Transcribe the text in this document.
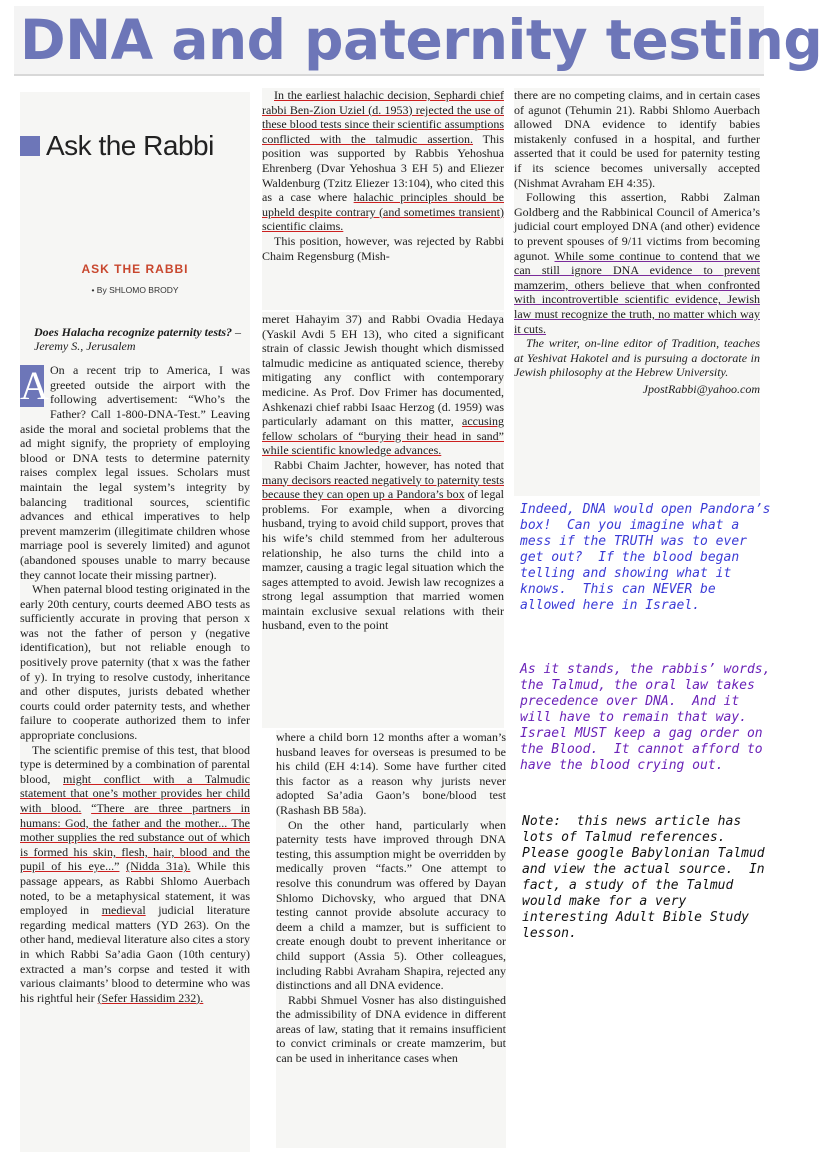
DNA and paternity testing
Ask the Rabbi
ASK THE RABBI
• By SHLOMO BRODY
Does Halacha recognize paternity tests? – Jeremy S., Jerusalem

A On a recent trip to America, I was greeted outside the airport with the following advertisement: “Who’s the Father? Call 1-800-DNA-Test.” Leaving aside the moral and societal problems that the ad might signify, the propriety of employing blood or DNA tests to determine paternity raises complex legal issues. Scholars must maintain the legal system’s integrity by balancing traditional sources, scientific advances and ethical imperatives to help prevent mamzerim (illegitimate children whose marriage pool is severely limited) and agunot (abandoned spouses unable to marry because they cannot locate their missing partner).

When paternal blood testing originated in the early 20th century, courts deemed ABO tests as sufficiently accurate in proving that person x was not the father of person y (negative identification), but not reliable enough to positively prove paternity (that x was the father of y). In trying to resolve custody, inheritance and other disputes, jurists debated whether courts could order paternity tests, and whether failure to cooperate authorized them to infer appropriate conclusions.

The scientific premise of this test, that blood type is determined by a combination of parental blood, might conflict with a Talmudic statement that one’s mother provides her child with blood. “There are three partners in humans: God, the father and the mother... The mother supplies the red substance out of which is formed his skin, flesh, hair, blood and the pupil of his eye...” (Nidda 31a). While this passage appears, as Rabbi Shlomo Auerbach noted, to be a metaphysical statement, it was employed in medieval judicial literature regarding medical matters (YD 263). On the other hand, medieval literature also cites a story in which Rabbi Sa’adia Gaon (10th century) extracted a man’s corpse and tested it with various claimants’ blood to determine who was his rightful heir (Sefer Hassidim 232).

In the earliest halachic decision, Sephardi chief rabbi Ben-Zion Uziel (d. 1953) rejected the use of these blood tests since their scientific assumptions conflicted with the talmudic assertion. This position was supported by Rabbis Yehoshua Ehrenberg (Dvar Yehoshua 3 EH 5) and Eliezer Waldenburg (Tzitz Eliezer 13:104), who cited this as a case where halachic principles should be upheld despite contrary (and sometimes transient) scientific claims.

This position, however, was rejected by Rabbi Chaim Regensburg (Mish-

meret Hahayim 37) and Rabbi Ovadia Hedaya (Yaskil Avdi 5 EH 13), who cited a significant strain of classic Jewish thought which dismissed talmudic medicine as antiquated science, thereby mitigating any conflict with contemporary medicine. As Prof. Dov Frimer has documented, Ashkenazi chief rabbi Isaac Herzog (d. 1959) was particularly adamant on this matter, accusing fellow scholars of “burying their head in sand” while scientific knowledge advances.

Rabbi Chaim Jachter, however, has noted that many decisors reacted negatively to paternity tests because they can open up a Pandora’s box of legal problems. For example, when a divorcing husband, trying to avoid child support, proves that his wife’s child stemmed from her adulterous relationship, he also turns the child into a mamzer, causing a tragic legal situation which the sages attempted to avoid. Jewish law recognizes a strong legal assumption that married women maintain exclusive sexual relations with their husband, even to the point

where a child born 12 months after a woman’s husband leaves for overseas is presumed to be his child (EH 4:14). Some have further cited this factor as a reason why jurists never adopted Sa’adia Gaon’s bone/blood test (Rashash BB 58a).

On the other hand, particularly when paternity tests have improved through DNA testing, this assumption might be overridden by medically proven “facts.” One attempt to resolve this conundrum was offered by Dayan Shlomo Dichovsky, who argued that DNA testing cannot provide absolute accuracy to deem a child a mamzer, but is sufficient to create enough doubt to prevent inheritance or child support (Assia 5). Other colleagues, including Rabbi Avraham Shapira, rejected any distinctions and all DNA evidence.

Rabbi Shmuel Vosner has also distinguished the admissibility of DNA evidence in different areas of law, stating that it remains insufficient to convict criminals or create mamzerim, but can be used in inheritance cases when

there are no competing claims, and in certain cases of agunot (Tehumin 21). Rabbi Shlomo Auerbach allowed DNA evidence to identify babies mistakenly confused in a hospital, and further asserted that it could be used for paternity testing if its science becomes universally accepted (Nishmat Avraham EH 4:35).

Following this assertion, Rabbi Zalman Goldberg and the Rabbinical Council of America’s judicial court employed DNA (and other) evidence to prevent spouses of 9/11 victims from becoming agunot. While some continue to contend that we can still ignore DNA evidence to prevent mamzerim, others believe that when confronted with incontrovertible scientific evidence, Jewish law must recognize the truth, no matter which way it cuts.

The writer, on-line editor of Tradition, teaches at Yeshivat Hakotel and is pursuing a doctorate in Jewish philosophy at the Hebrew University.

JpostRabbi@yahoo.com
Indeed, DNA would open Pandora’s box!  Can you imagine what a mess if the TRUTH was to ever get out?  If the blood began telling and showing what it knows.  This can NEVER be allowed here in Israel.
As it stands, the rabbis’ words, the Talmud, the oral law takes precedence over DNA.  And it will have to remain that way.  Israel MUST keep a gag order on the Blood.  It cannot afford to have the blood crying out.
Note:  this news article has lots of Talmud references.  Please google Babylonian Talmud and view the actual source.  In fact, a study of the Talmud would make for a very interesting Adult Bible Study lesson.
